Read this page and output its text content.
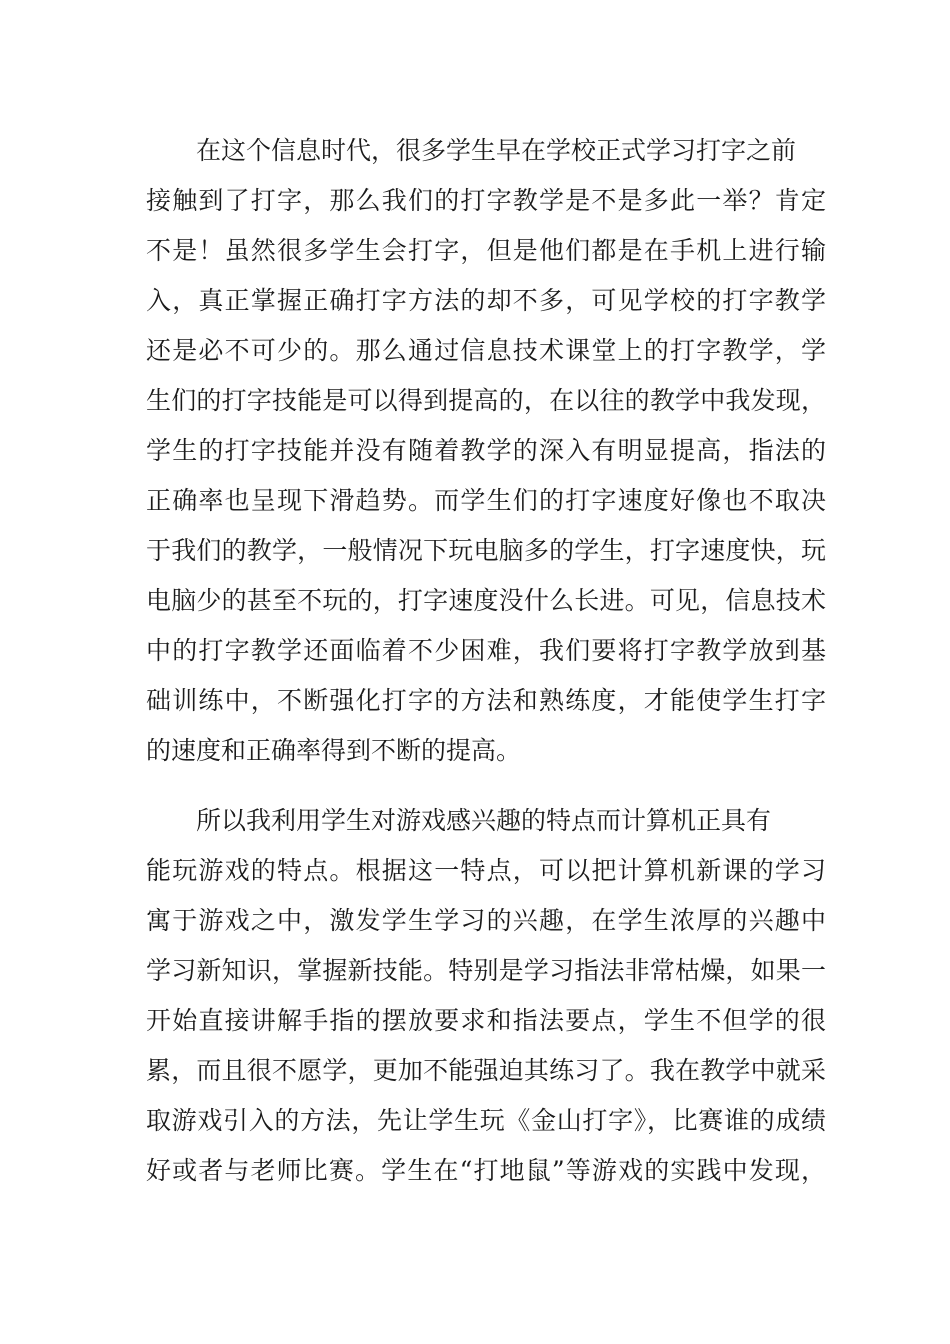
在这个信息时代，很多学生早在学校正式学习打字之前
接触到了打字，那么我们的打字教学是不是多此一举？肯定
不是！虽然很多学生会打字，但是他们都是在手机上进行输
入，真正掌握正确打字方法的却不多，可见学校的打字教学
还是必不可少的。那么通过信息技术课堂上的打字教学，学
生们的打字技能是可以得到提高的，在以往的教学中我发现，
学生的打字技能并没有随着教学的深入有明显提高，指法的
正确率也呈现下滑趋势。而学生们的打字速度好像也不取决
于我们的教学，一般情况下玩电脑多的学生，打字速度快，玩
电脑少的甚至不玩的，打字速度没什么长进。可见，信息技术
中的打字教学还面临着不少困难，我们要将打字教学放到基
础训练中，不断强化打字的方法和熟练度，才能使学生打字
的速度和正确率得到不断的提高。
所以我利用学生对游戏感兴趣的特点而计算机正具有
能玩游戏的特点。根据这一特点，可以把计算机新课的学习
寓于游戏之中，激发学生学习的兴趣，在学生浓厚的兴趣中
学习新知识，掌握新技能。特别是学习指法非常枯燥，如果一
开始直接讲解手指的摆放要求和指法要点，学生不但学的很
累，而且很不愿学，更加不能强迫其练习了。我在教学中就采
取游戏引入的方法，先让学生玩《金山打字》，比赛谁的成绩
好或者与老师比赛。学生在“打地鼠”等游戏的实践中发现，
